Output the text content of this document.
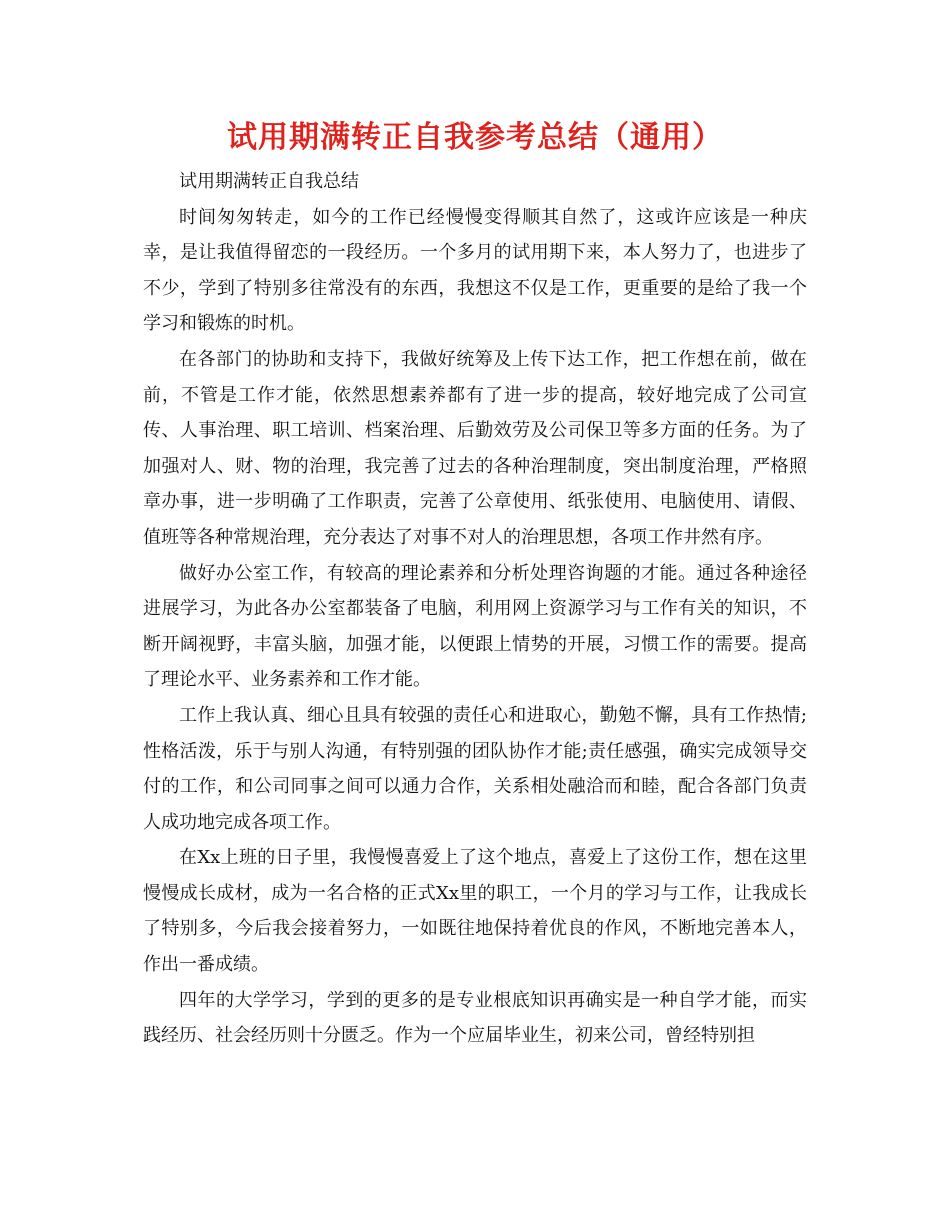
试用期满转正自我参考总结（通用）

试用期满转正自我总结

时间匆匆转走，如今的工作已经慢慢变得顺其自然了，这或许应该是一种庆幸，是让我值得留恋的一段经历。一个多月的试用期下来，本人努力了，也进步了不少，学到了特别多往常没有的东西，我想这不仅是工作，更重要的是给了我一个学习和锻炼的时机。

在各部门的协助和支持下，我做好统筹及上传下达工作，把工作想在前，做在前，不管是工作才能，依然思想素养都有了进一步的提高，较好地完成了公司宣传、人事治理、职工培训、档案治理、后勤效劳及公司保卫等多方面的任务。为了加强对人、财、物的治理，我完善了过去的各种治理制度，突出制度治理，严格照章办事，进一步明确了工作职责，完善了公章使用、纸张使用、电脑使用、请假、值班等各种常规治理，充分表达了对事不对人的治理思想，各项工作井然有序。

做好办公室工作，有较高的理论素养和分析处理咨询题的才能。通过各种途径进展学习，为此各办公室都装备了电脑，利用网上资源学习与工作有关的知识，不断开阔视野，丰富头脑，加强才能，以便跟上情势的开展，习惯工作的需要。提高了理论水平、业务素养和工作才能。

工作上我认真、细心且具有较强的责任心和进取心，勤勉不懈，具有工作热情;性格活泼，乐于与别人沟通，有特别强的团队协作才能;责任感强，确实完成领导交付的工作，和公司同事之间可以通力合作，关系相处融洽而和睦，配合各部门负责人成功地完成各项工作。

在Xx上班的日子里，我慢慢喜爱上了这个地点，喜爱上了这份工作，想在这里慢慢成长成材，成为一名合格的正式Xx里的职工，一个月的学习与工作，让我成长了特别多，今后我会接着努力，一如既往地保持着优良的作风，不断地完善本人，作出一番成绩。

四年的大学学习，学到的更多的是专业根底知识再确实是一种自学才能，而实践经历、社会经历则十分匮乏。作为一个应届毕业生，初来公司，曾经特别担
